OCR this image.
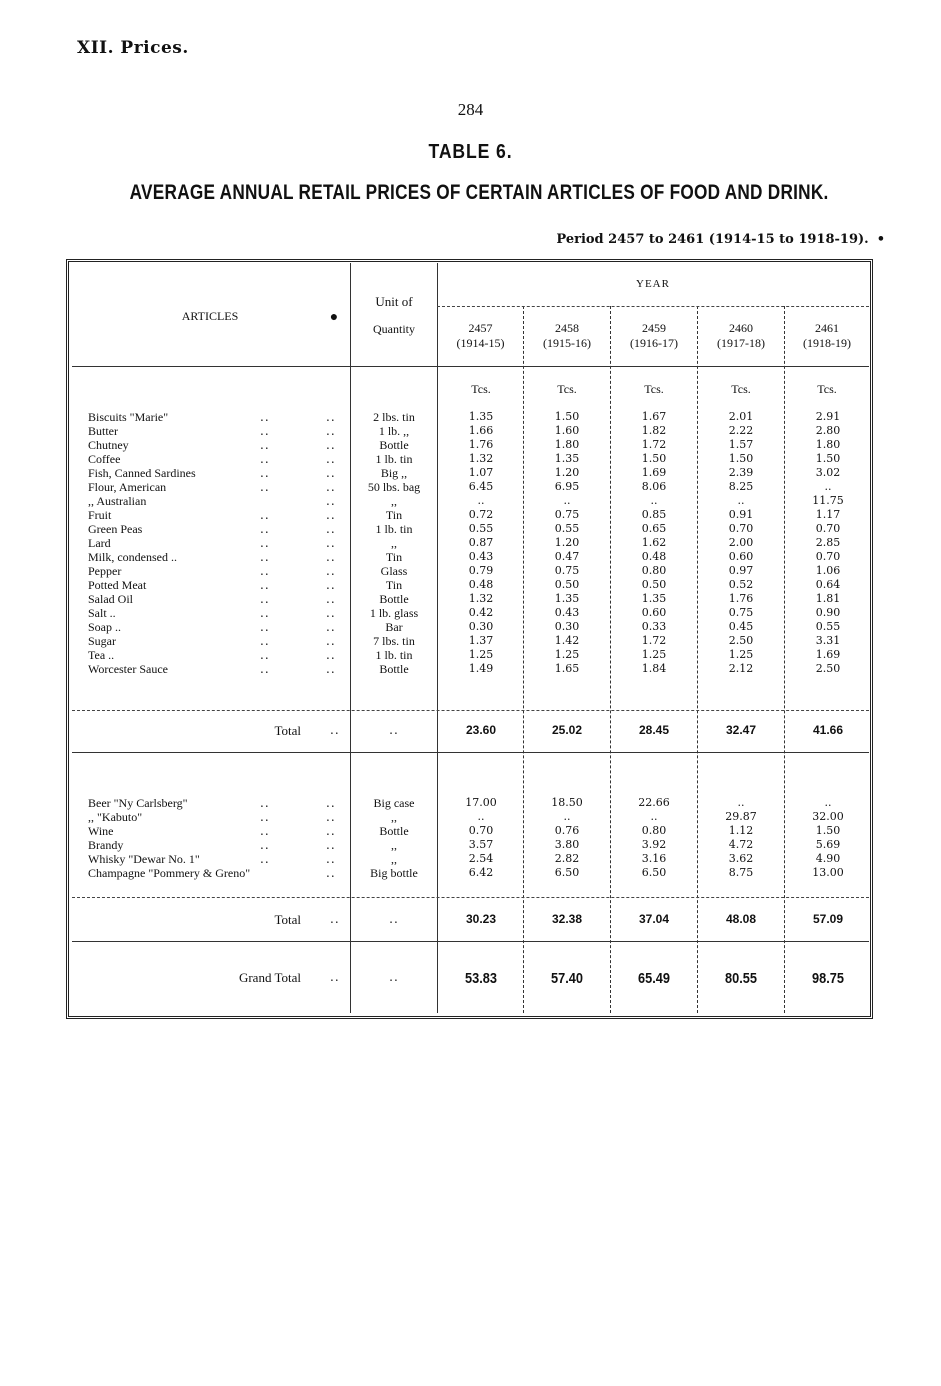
XII. Prices.
284
TABLE 6.
AVERAGE ANNUAL RETAIL PRICES OF CERTAIN ARTICLES OF FOOD AND DRINK.
Period 2457 to 2461 (1914-15 to 1918-19). •
ARTICLES	●
Unit of
Quantity
YEAR
2457
(1914-15)
2458
(1915-16)
2459
(1916-17)
2460
(1917-18)
2461
(1918-19)
Tcs.	Tcs.	Tcs.	Tcs.	Tcs.
Biscuits "Marie"	..	..	2 lbs. tin	1.35	1.50	1.67	2.01	2.91
Butter	..	..	1 lb. ,,	1.66	1.60	1.82	2.22	2.80
Chutney	..	..	Bottle	1.76	1.80	1.72	1.57	1.80
Coffee	..	..	1 lb. tin	1.32	1.35	1.50	1.50	1.50
Fish, Canned Sardines	..	..	Big ,,	1.07	1.20	1.69	2.39	3.02
Flour, American	..	..	50 lbs. bag	6.45	6.95	8.06	8.25	..
,, Australian	..	,,	..	..	..	..	11.75
Fruit	..	..	Tin	0.72	0.75	0.85	0.91	1.17
Green Peas	..	..	1 lb. tin	0.55	0.55	0.65	0.70	0.70
Lard	..	..	,,	0.87	1.20	1.62	2.00	2.85
Milk, condensed ..	..	..	Tin	0.43	0.47	0.48	0.60	0.70
Pepper	..	..	Glass	0.79	0.75	0.80	0.97	1.06
Potted Meat	..	..	Tin	0.48	0.50	0.50	0.52	0.64
Salad Oil	..	..	Bottle	1.32	1.35	1.35	1.76	1.81
Salt ..	..	..	1 lb. glass	0.42	0.43	0.60	0.75	0.90
Soap ..	..	..	Bar	0.30	0.30	0.33	0.45	0.55
Sugar	..	..	7 lbs. tin	1.37	1.42	1.72	2.50	3.31
Tea ..	..	..	1 lb. tin	1.25	1.25	1.25	1.25	1.69
Worcester Sauce	..	..	Bottle	1.49	1.65	1.84	2.12	2.50
Total ..	..	23.60	25.02	28.45	32.47	41.66
Beer "Ny Carlsberg"	..	..	Big case	17.00	18.50	22.66	..	..
,, "Kabuto"	..	..	,,	..	..	..	29.87	32.00
Wine	..	..	Bottle	0.70	0.76	0.80	1.12	1.50
Brandy	..	..	,,	3.57	3.80	3.92	4.72	5.69
Whisky "Dewar No. 1"	..	..	,,	2.54	2.82	3.16	3.62	4.90
Champagne "Pommery & Greno"	..	Big bottle	6.42	6.50	6.50	8.75	13.00
Total ..	..	30.23	32.38	37.04	48.08	57.09
Grand Total ..	..	53.83	57.40	65.49	80.55	98.75
